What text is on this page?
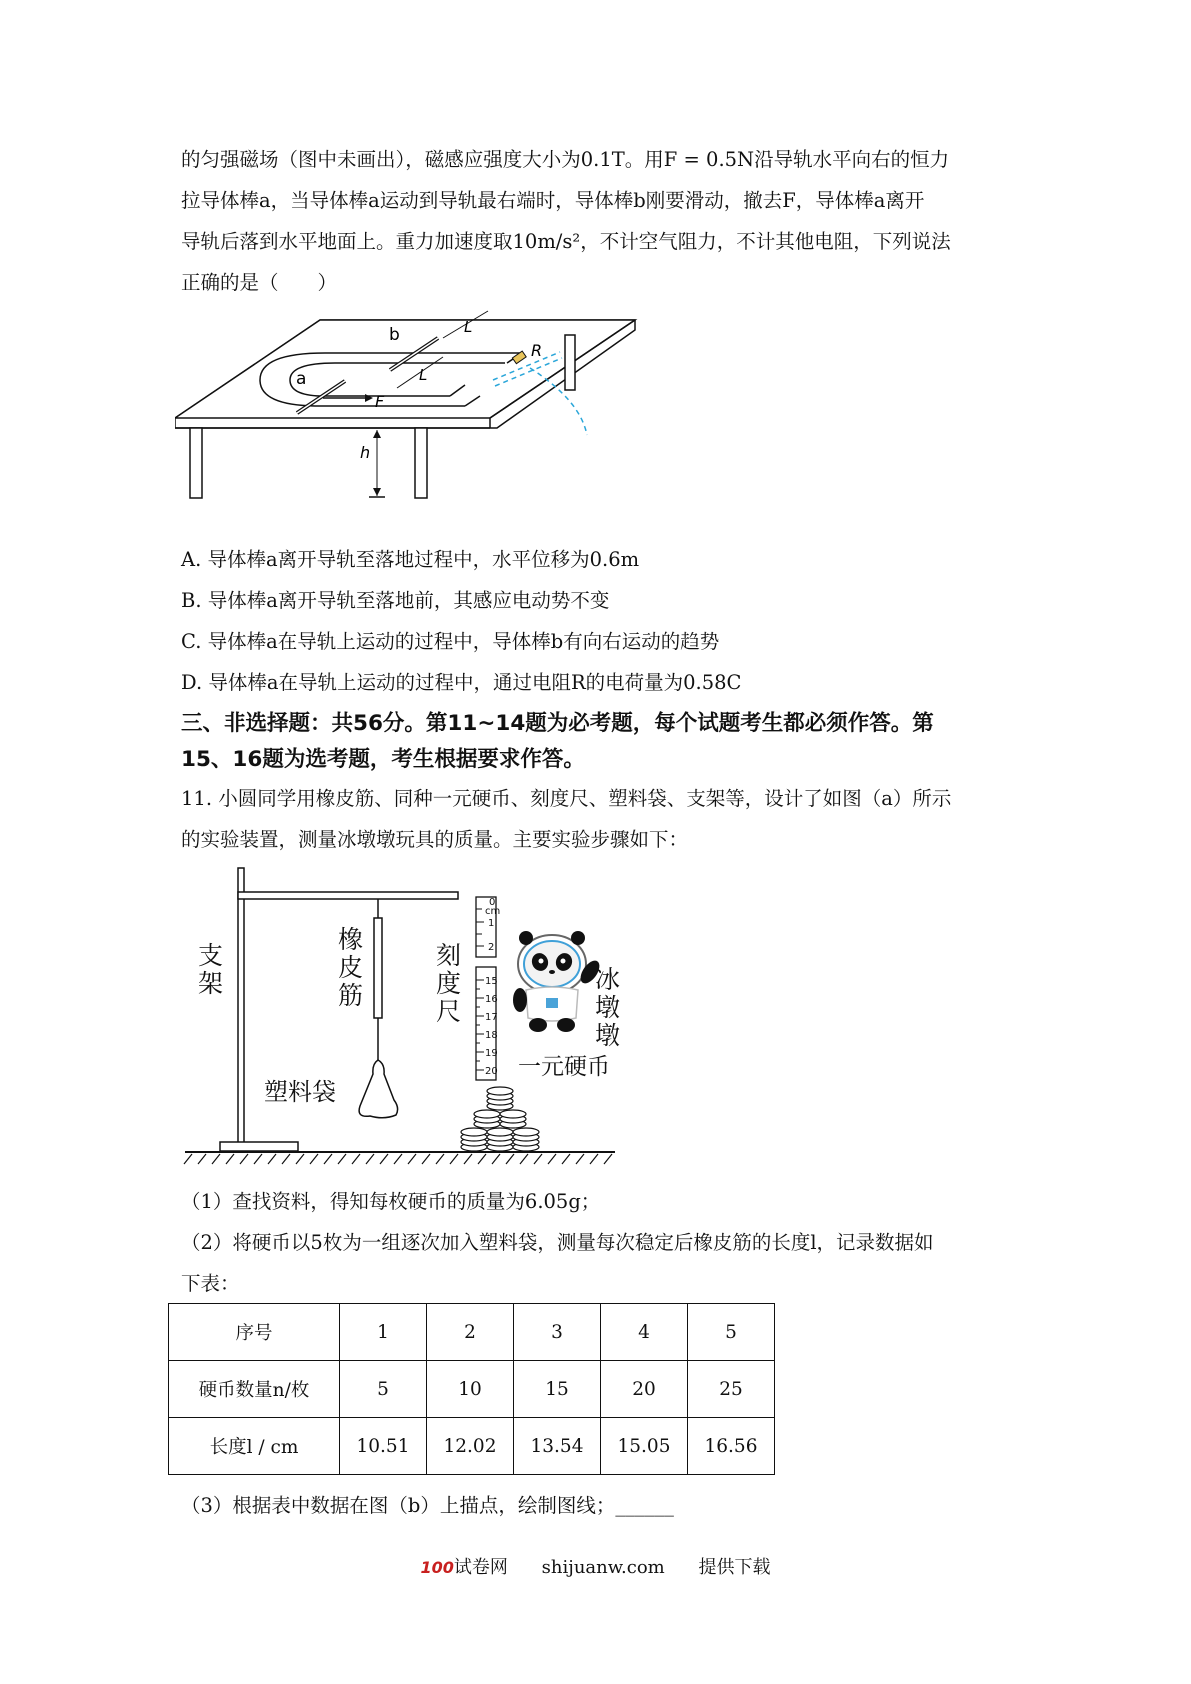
的匀强磁场（图中未画出），磁感应强度大小为0.1T。用F = 0.5N沿导轨水平向右的恒力
拉导体棒a，当导体棒a运动到导轨最右端时，导体棒b刚要滑动，撤去F，导体棒a离开
导轨后落到水平地面上。重力加速度取10m/s²，不计空气阻力，不计其他电阻，下列说法
正确的是（　　）
b
a
F
L
L
R
h
A. 导体棒a离开导轨至落地过程中，水平位移为0.6m
B. 导体棒a离开导轨至落地前，其感应电动势不变
C. 导体棒a在导轨上运动的过程中，导体棒b有向右运动的趋势
D. 导体棒a在导轨上运动的过程中，通过电阻R的电荷量为0.58C
三、非选择题：共56分。第11~14题为必考题，每个试题考生都必须作答。第
15、16题为选考题，考生根据要求作答。
11. 小圆同学用橡皮筋、同种一元硬币、刻度尺、塑料袋、支架等，设计了如图（a）所示
的实验装置，测量冰墩墩玩具的质量。主要实验步骤如下：
0
cm
1
2
15
16
17
18
19
20
支
架
橡
皮
筋
刻
度
尺
冰
墩
墩
一元硬币
塑料袋
（1）查找资料，得知每枚硬币的质量为6.05g；
（2）将硬币以5枚为一组逐次加入塑料袋，测量每次稳定后橡皮筋的长度l，记录数据如
下表：
序号	1	2	3	4	5
硬币数量n/枚	5	10	15	20	25
长度l / cm	10.51	12.02	13.54	15.05	16.56
（3）根据表中数据在图（b）上描点，绘制图线；______
100试卷网 shijuanw.com 提供下载
